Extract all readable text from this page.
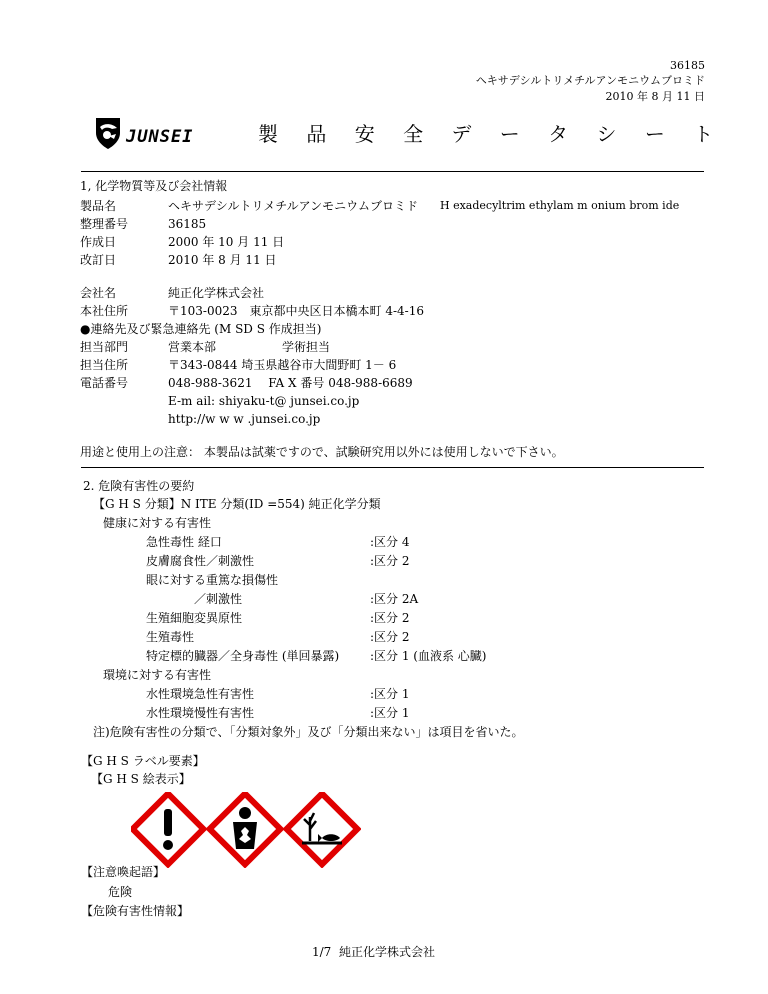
36185
ヘキサデシルトリメチルアンモニウムブロミド
2010 年 8 月 11 日
JUNSEI	製 品 安 全 デ ー タ シ ー ト
1, 化学物質等及び会社情報
製品名	ヘキサデシルトリメチルアンモニウムブロミド H exadecyltrim ethylam m onium brom ide
整理番号	36185
作成日	2000 年 10 月 11 日
改訂日	2010 年 8 月 11 日
会社名	純正化学株式会社
本社住所	〒103-0023　東京都中央区日本橋本町 4-4-16
●連絡先及び緊急連絡先 (M SD S 作成担当)
担当部門	営業本部	学術担当
担当住所	〒343-0844 埼玉県越谷市大間野町 1－ 6
電話番号	048-988-3621　 FA X 番号 048-988-6689
E-m ail: shiyaku-t@ junsei.co.jp
http://w w w .junsei.co.jp
用途と使用上の注意： 本製品は試薬ですので、試験研究用以外には使用しないで下さい。
2. 危険有害性の要約
【G H S 分類】N ITE 分類(ID =554) 純正化学分類
健康に対する有害性
急性毒性 経口	:区分 4
皮膚腐食性／刺激性	:区分 2
眼に対する重篤な損傷性
　　　　／刺激性	:区分 2A
生殖細胞変異原性	:区分 2
生殖毒性	:区分 2
特定標的臓器／全身毒性 (単回暴露)	:区分 1 (血液系 心臓)
環境に対する有害性
水性環境急性有害性	:区分 1
水性環境慢性有害性	:区分 1
注)危険有害性の分類で、「分類対象外」及び「分類出来ない」は項目を省いた。
【G H S ラベル要素】
【G H S 絵表示】
【注意喚起語】
危険
【危険有害性情報】
1/7 純正化学株式会社
